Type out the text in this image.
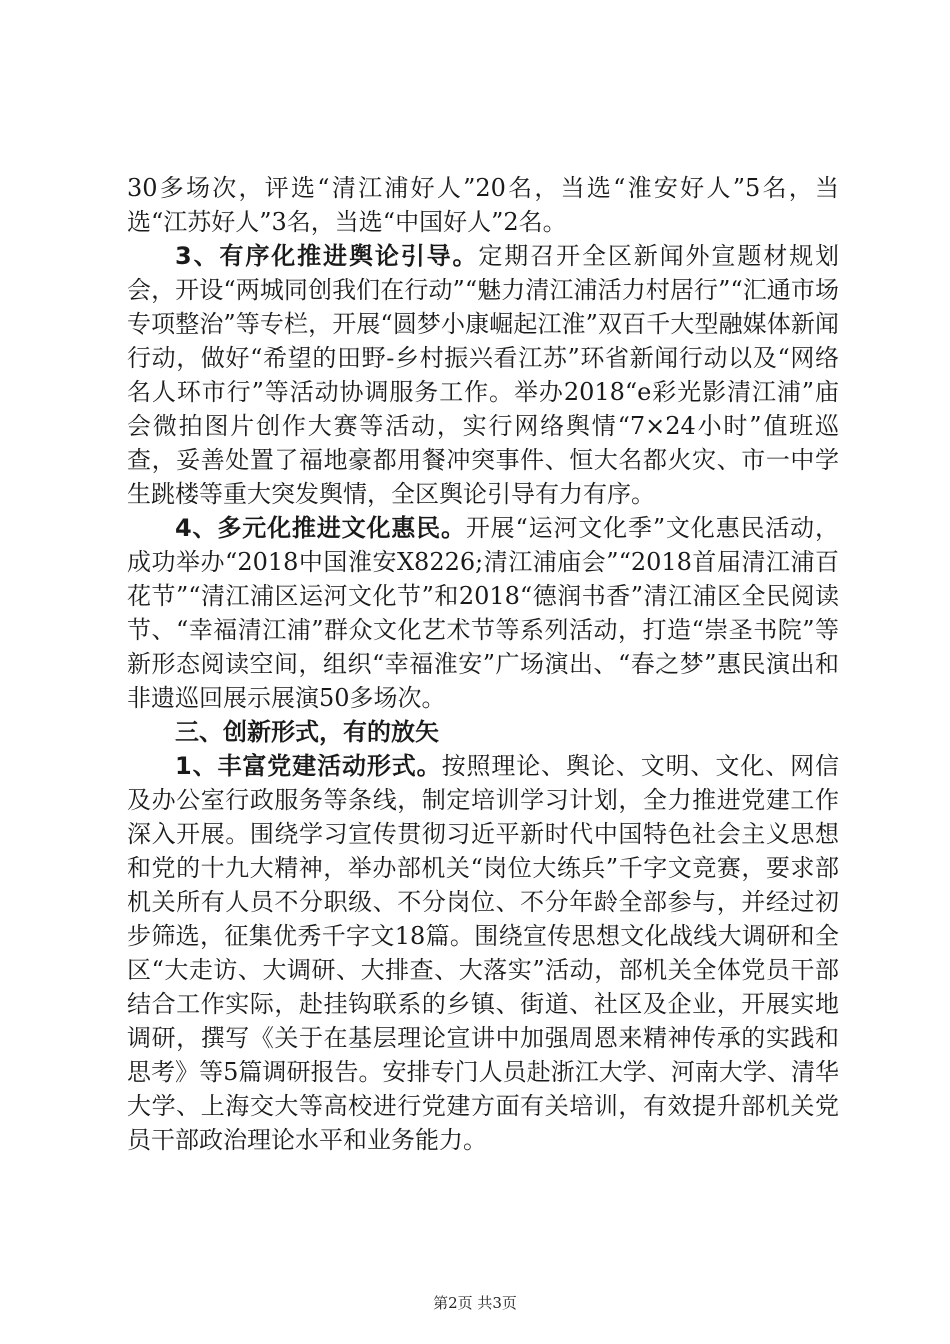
30多场次，评选“清江浦好人”20名，当选“淮安好人”5名，当选“江苏好人”3名，当选“中国好人”2名。

3、有序化推进舆论引导。定期召开全区新闻外宣题材规划会，开设“两城同创我们在行动”“魅力清江浦活力村居行”“汇通市场专项整治”等专栏，开展“圆梦小康崛起江淮”双百千大型融媒体新闻行动，做好“希望的田野-乡村振兴看江苏”环省新闻行动以及“网络名人环市行”等活动协调服务工作。举办2018“e彩光影清江浦”庙会微拍图片创作大赛等活动，实行网络舆情“7×24小时”值班巡查，妥善处置了福地豪都用餐冲突事件、恒大名都火灾、市一中学生跳楼等重大突发舆情，全区舆论引导有力有序。

4、多元化推进文化惠民。开展“运河文化季”文化惠民活动，成功举办“2018中国淮安X8226;清江浦庙会”“2018首届清江浦百花节”“清江浦区运河文化节”和2018“德润书香”清江浦区全民阅读节、“幸福清江浦”群众文化艺术节等系列活动，打造“崇圣书院”等新形态阅读空间，组织“幸福淮安”广场演出、“春之梦”惠民演出和非遗巡回展示展演50多场次。

三、创新形式，有的放矢

1、丰富党建活动形式。按照理论、舆论、文明、文化、网信及办公室行政服务等条线，制定培训学习计划，全力推进党建工作深入开展。围绕学习宣传贯彻习近平新时代中国特色社会主义思想和党的十九大精神，举办部机关“岗位大练兵”千字文竞赛，要求部机关所有人员不分职级、不分岗位、不分年龄全部参与，并经过初步筛选，征集优秀千字文18篇。围绕宣传思想文化战线大调研和全区“大走访、大调研、大排查、大落实”活动，部机关全体党员干部结合工作实际，赴挂钩联系的乡镇、街道、社区及企业，开展实地调研，撰写《关于在基层理论宣讲中加强周恩来精神传承的实践和思考》等5篇调研报告。安排专门人员赴浙江大学、河南大学、清华大学、上海交大等高校进行党建方面有关培训，有效提升部机关党员干部政治理论水平和业务能力。

第2页 共3页
